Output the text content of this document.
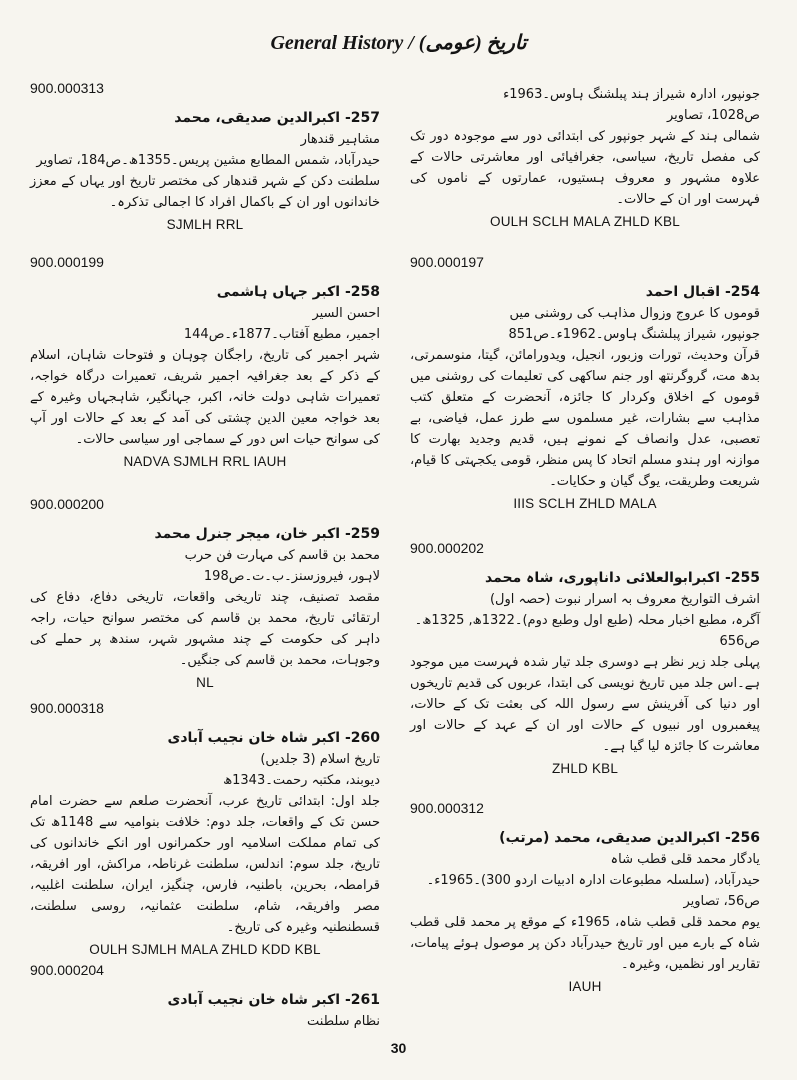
General History / (عومی) تاریخ
جونپور، ادارہ شیراز ہند پبلشنگ ہاوس۔1963ء
ص1028، تصاویر
شمالی ہند کے شہر جونپور کی ابتدائی دور سے موجودہ دور تک کی مفصل تاریخ، سیاسی، جغرافیائی اور معاشرتی حالات کے علاوہ مشہور و معروف ہستیوں، عمارتوں کے ناموں کی فہرست اور ان کے حالات۔
OULH SCLH MALA ZHLD KBL
900.000197
254- اقبال احمد
قوموں کا عروج وزوال مذاہب کی روشنی میں
جونپور، شیراز پبلشنگ ہاوس۔1962ء۔ص851
قرآن وحدیث، تورات وزبور، انجیل، ویدورامائن، گیتا، منوسمرتی، بدھ مت، گروگرنتھ اور جنم ساکھی کی تعلیمات کی روشنی میں قوموں کے اخلاق وکردار کا جائزہ، آنحضرت کے متعلق کتب مذاہب سے بشارات، غیر مسلموں سے طرز عمل، فیاضی، بے تعصبی، عدل وانصاف کے نمونے ہیں، قدیم وجدید بھارت کا موازنہ اور ہندو مسلم اتحاد کا پس منظر، قومی یکجہتی کا قیام، شریعت وطریقت، یوگ گیان و حکایات۔
IIIS SCLH ZHLD MALA
900.000202
255- اکبرابوالعلائی داناپوری، شاہ محمد
اشرف التواریخ معروف بہ اسرار نبوت (حصہ اول)
آگرہ، مطبع اخبار محلہ (طبع اول وطبع دوم)۔1322ھ, 1325ھ۔
ص656
پہلی جلد زیر نظر ہے دوسری جلد تیار شدہ فہرست میں موجود ہے۔اس جلد میں تاریخ نویسی کی ابتدا، عربوں کی قدیم تاریخوں اور دنیا کی آفرینش سے رسول اللہ کی بعثت تک کے حالات، پیغمبروں اور نبیوں کے حالات اور ان کے عہد کے حالات اور معاشرت کا جائزہ لیا گیا ہے۔
ZHLD KBL
900.000312
256- اکبرالدین صدیقی، محمد (مرتب)
یادگار محمد قلی قطب شاہ
حیدرآباد، (سلسلہ مطبوعات ادارہ ادبیات اردو 300)۔1965ء۔
ص56، تصاویر
یوم محمد قلی قطب شاہ، 1965ء کے موقع پر محمد قلی قطب شاہ کے بارے میں اور تاریخ حیدرآباد دکن پر موصول ہوئے پیامات، تقاریر اور نظمیں، وغیرہ۔
IAUH
900.000313
257- اکبرالدین صدیقی، محمد
مشاہیر قندھار
حیدرآباد، شمس المطابع مشین پریس۔1355ھ۔ص184، تصاویر
سلطنت دکن کے شہر قندھار کی مختصر تاریخ اور یہاں کے معزز خاندانوں اور ان کے باکمال افراد کا اجمالی تذکرہ۔
SJMLH RRL
900.000199
258- اکبر جہاں ہاشمی
احسن السیر
اجمیر، مطبع آفتاب۔1877ء۔ص144
شہر اجمیر کی تاریخ، راجگان چوہان و فتوحات شاہان، اسلام کے ذکر کے بعد جغرافیہ اجمیر شریف، تعمیرات درگاہ خواجہ، تعمیرات شاہی دولت خانہ، اکبر، جہانگیر، شاہجہاں وغیرہ کے بعد خواجہ معین الدین چشتی کی آمد کے بعد کے حالات اور آپ کی سوانح حیات اس دور کے سماجی اور سیاسی حالات۔
NADVA SJMLH RRL IAUH
900.000200
259- اکبر خان، میجر جنرل محمد
محمد بن قاسم کی مہارت فن حرب
لاہور، فیروزسنز۔ب۔ت۔ص198
مقصد تصنیف، چند تاریخی واقعات، تاریخی دفاع، دفاع کی ارتقائی تاریخ، محمد بن قاسم کی مختصر سوانح حیات، راجہ داہر کی حکومت کے چند مشہور شہر، سندھ پر حملے کی وجوہات، محمد بن قاسم کی جنگیں۔
NL
900.000318
260- اکبر شاہ خان نجیب آبادی
تاریخ اسلام (3 جلدیں)
دیوبند، مکتبہ رحمت۔1343ھ
جلد اول: ابتدائی تاریخ عرب، آنحضرت صلعم سے حضرت امام حسن تک کے واقعات، جلد دوم: خلافت بنوامیہ سے 1148ھ تک کی تمام مملکت اسلامیہ اور حکمرانوں اور انکے خاندانوں کی تاریخ، جلد سوم: اندلس، سلطنت غرناطہ، مراکش، اور افریقہ، قرامطہ، بحرین، باطنیہ، فارس، چنگیز، ایران، سلطنت اغلبیہ، مصر وافریقہ، شام، سلطنت عثمانیہ، روسی سلطنت، قسطنطنیہ وغیرہ کی تاریخ۔
OULH SJMLH MALA ZHLD KDD KBL
900.000204
261- اکبر شاہ خان نجیب آبادی
نظام سلطنت
30
